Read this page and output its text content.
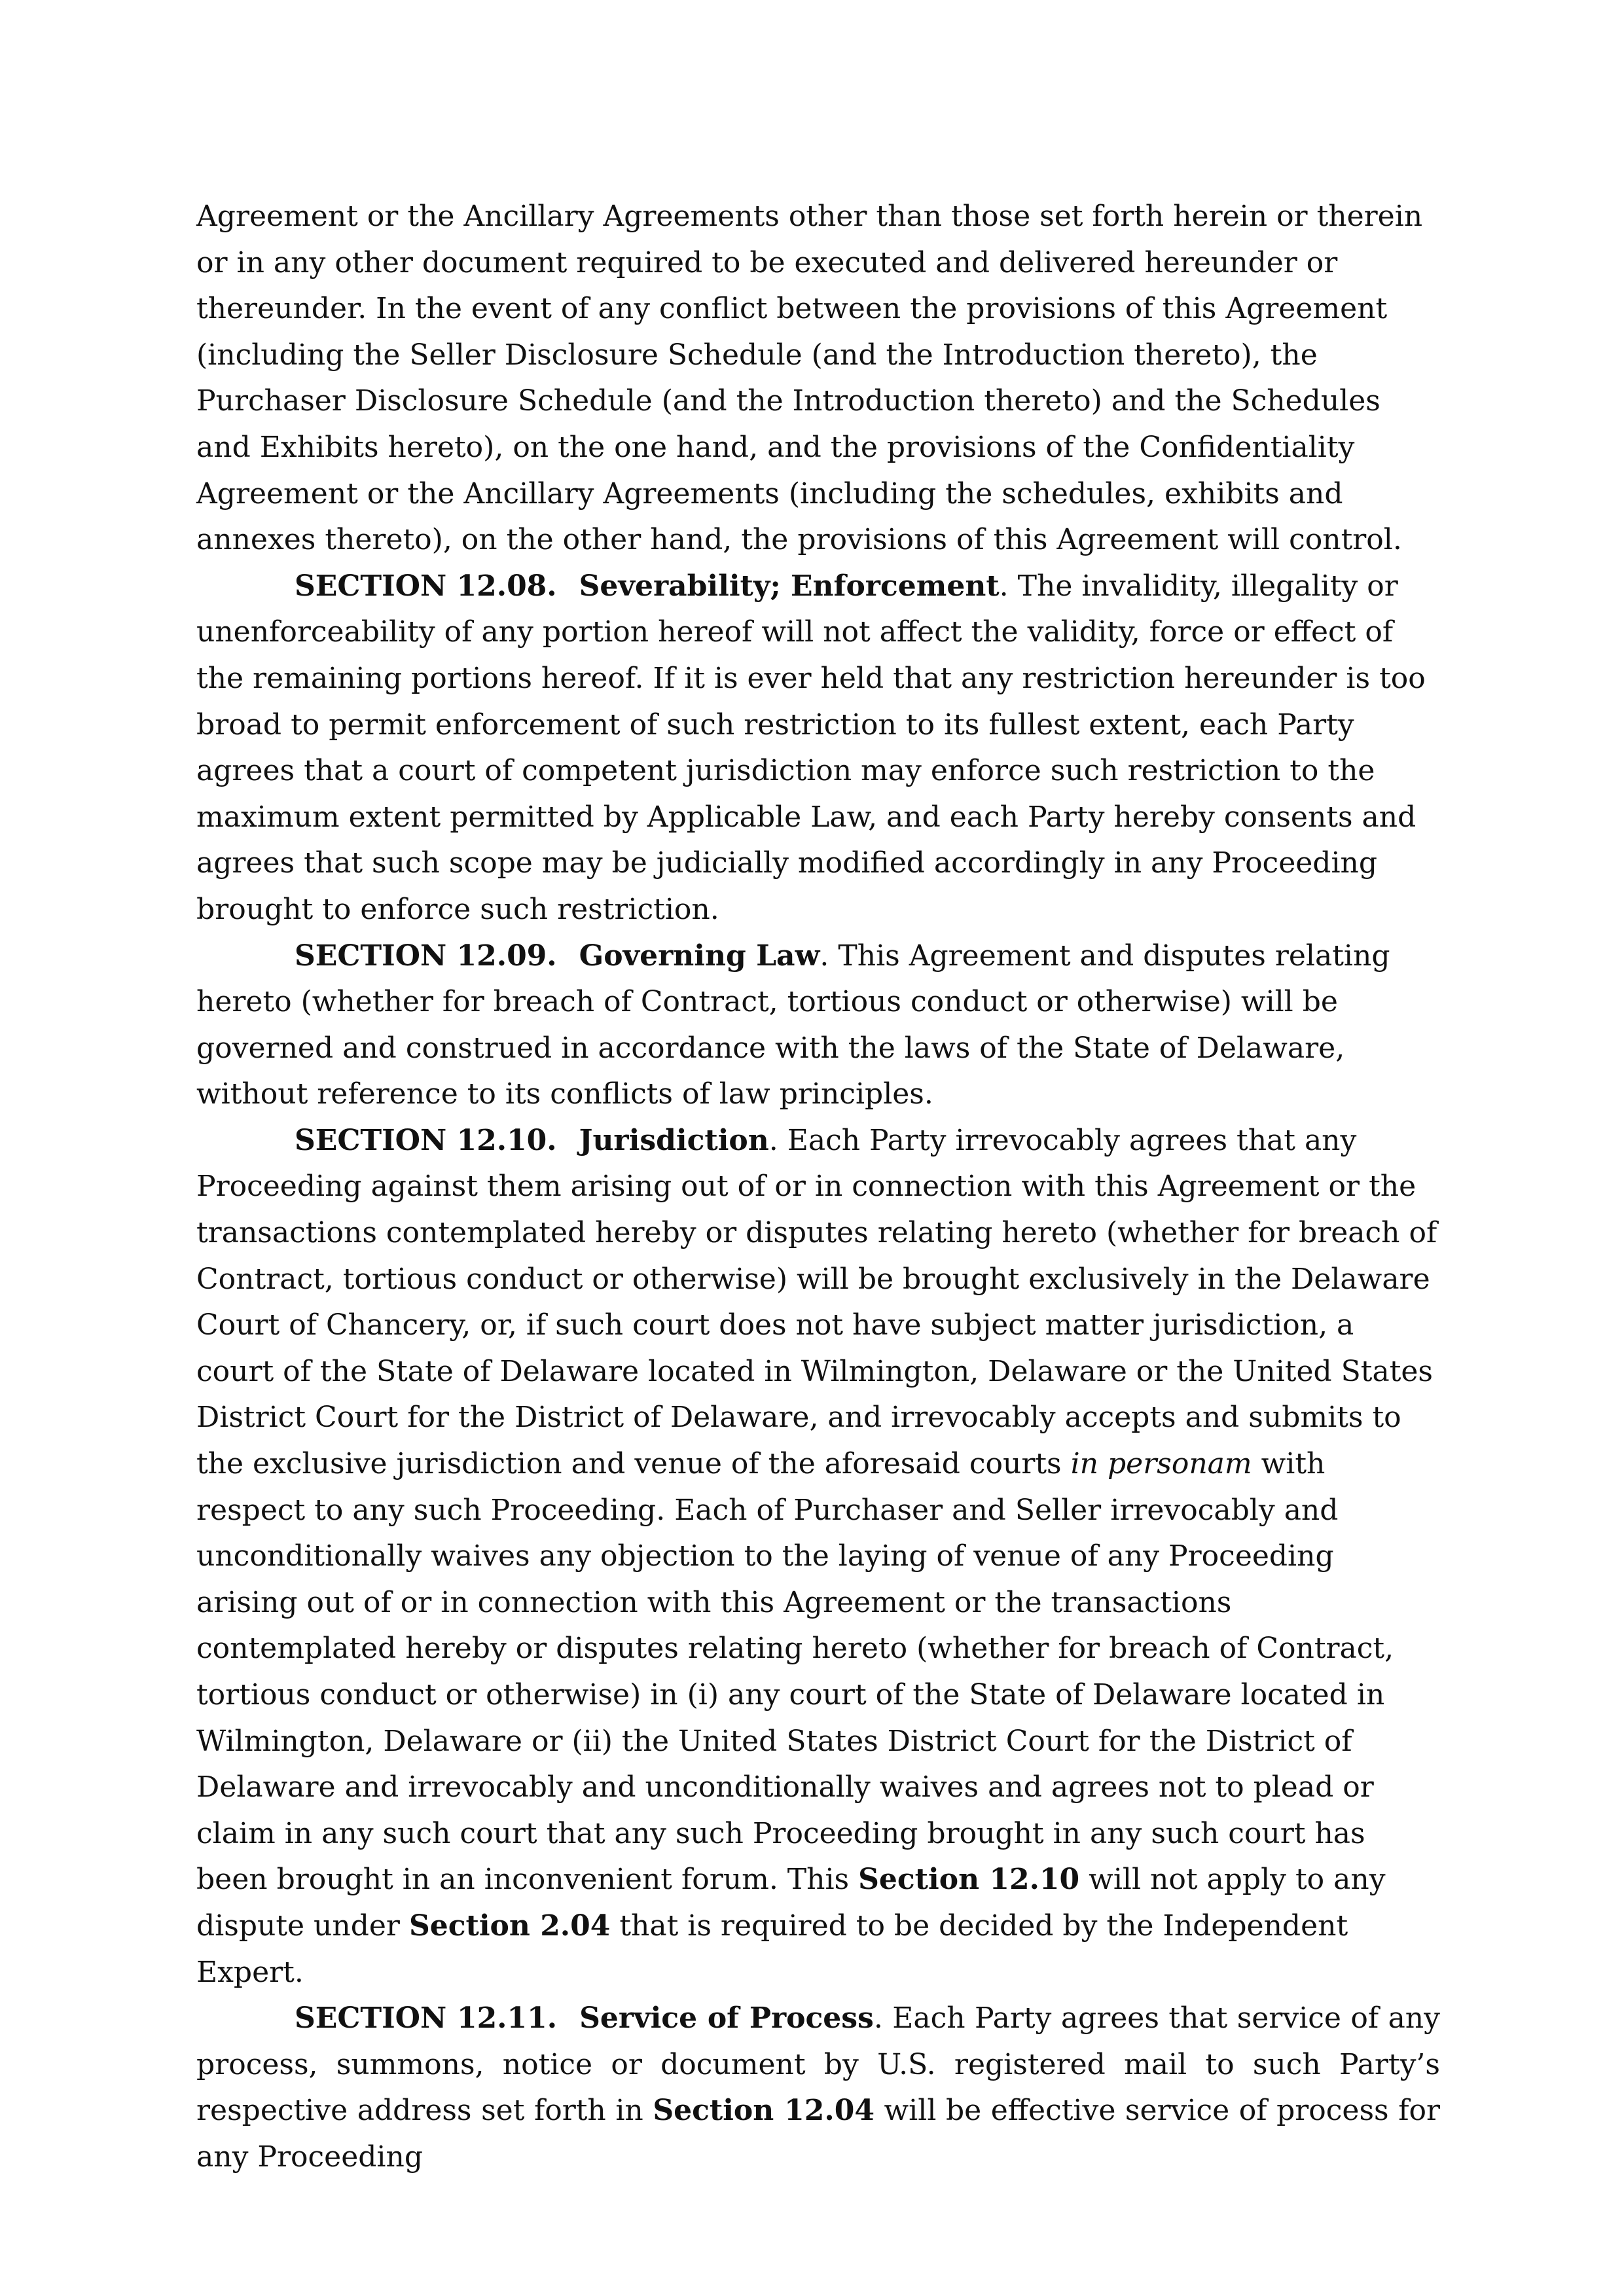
Agreement or the Ancillary Agreements other than those set forth herein or therein or in any other document required to be executed and delivered hereunder or thereunder. In the event of any conflict between the provisions of this Agreement (including the Seller Disclosure Schedule (and the Introduction thereto), the Purchaser Disclosure Schedule (and the Introduction thereto) and the Schedules and Exhibits hereto), on the one hand, and the provisions of the Confidentiality Agreement or the Ancillary Agreements (including the schedules, exhibits and annexes thereto), on the other hand, the provisions of this Agreement will control.

SECTION 12.08. Severability; Enforcement. The invalidity, illegality or unenforceability of any portion hereof will not affect the validity, force or effect of the remaining portions hereof. If it is ever held that any restriction hereunder is too broad to permit enforcement of such restriction to its fullest extent, each Party agrees that a court of competent jurisdiction may enforce such restriction to the maximum extent permitted by Applicable Law, and each Party hereby consents and agrees that such scope may be judicially modified accordingly in any Proceeding brought to enforce such restriction.

SECTION 12.09. Governing Law. This Agreement and disputes relating hereto (whether for breach of Contract, tortious conduct or otherwise) will be governed and construed in accordance with the laws of the State of Delaware, without reference to its conflicts of law principles.

SECTION 12.10. Jurisdiction. Each Party irrevocably agrees that any Proceeding against them arising out of or in connection with this Agreement or the transactions contemplated hereby or disputes relating hereto (whether for breach of Contract, tortious conduct or otherwise) will be brought exclusively in the Delaware Court of Chancery, or, if such court does not have subject matter jurisdiction, a court of the State of Delaware located in Wilmington, Delaware or the United States District Court for the District of Delaware, and irrevocably accepts and submits to the exclusive jurisdiction and venue of the aforesaid courts in personam with respect to any such Proceeding. Each of Purchaser and Seller irrevocably and unconditionally waives any objection to the laying of venue of any Proceeding arising out of or in connection with this Agreement or the transactions contemplated hereby or disputes relating hereto (whether for breach of Contract, tortious conduct or otherwise) in (i) any court of the State of Delaware located in Wilmington, Delaware or (ii) the United States District Court for the District of Delaware and irrevocably and unconditionally waives and agrees not to plead or claim in any such court that any such Proceeding brought in any such court has been brought in an inconvenient forum. This Section 12.10 will not apply to any dispute under Section 2.04 that is required to be decided by the Independent Expert.

SECTION 12.11. Service of Process. Each Party agrees that service of any process, summons, notice or document by U.S. registered mail to such Party’s respective address set forth in Section 12.04 will be effective service of process for any Proceeding
